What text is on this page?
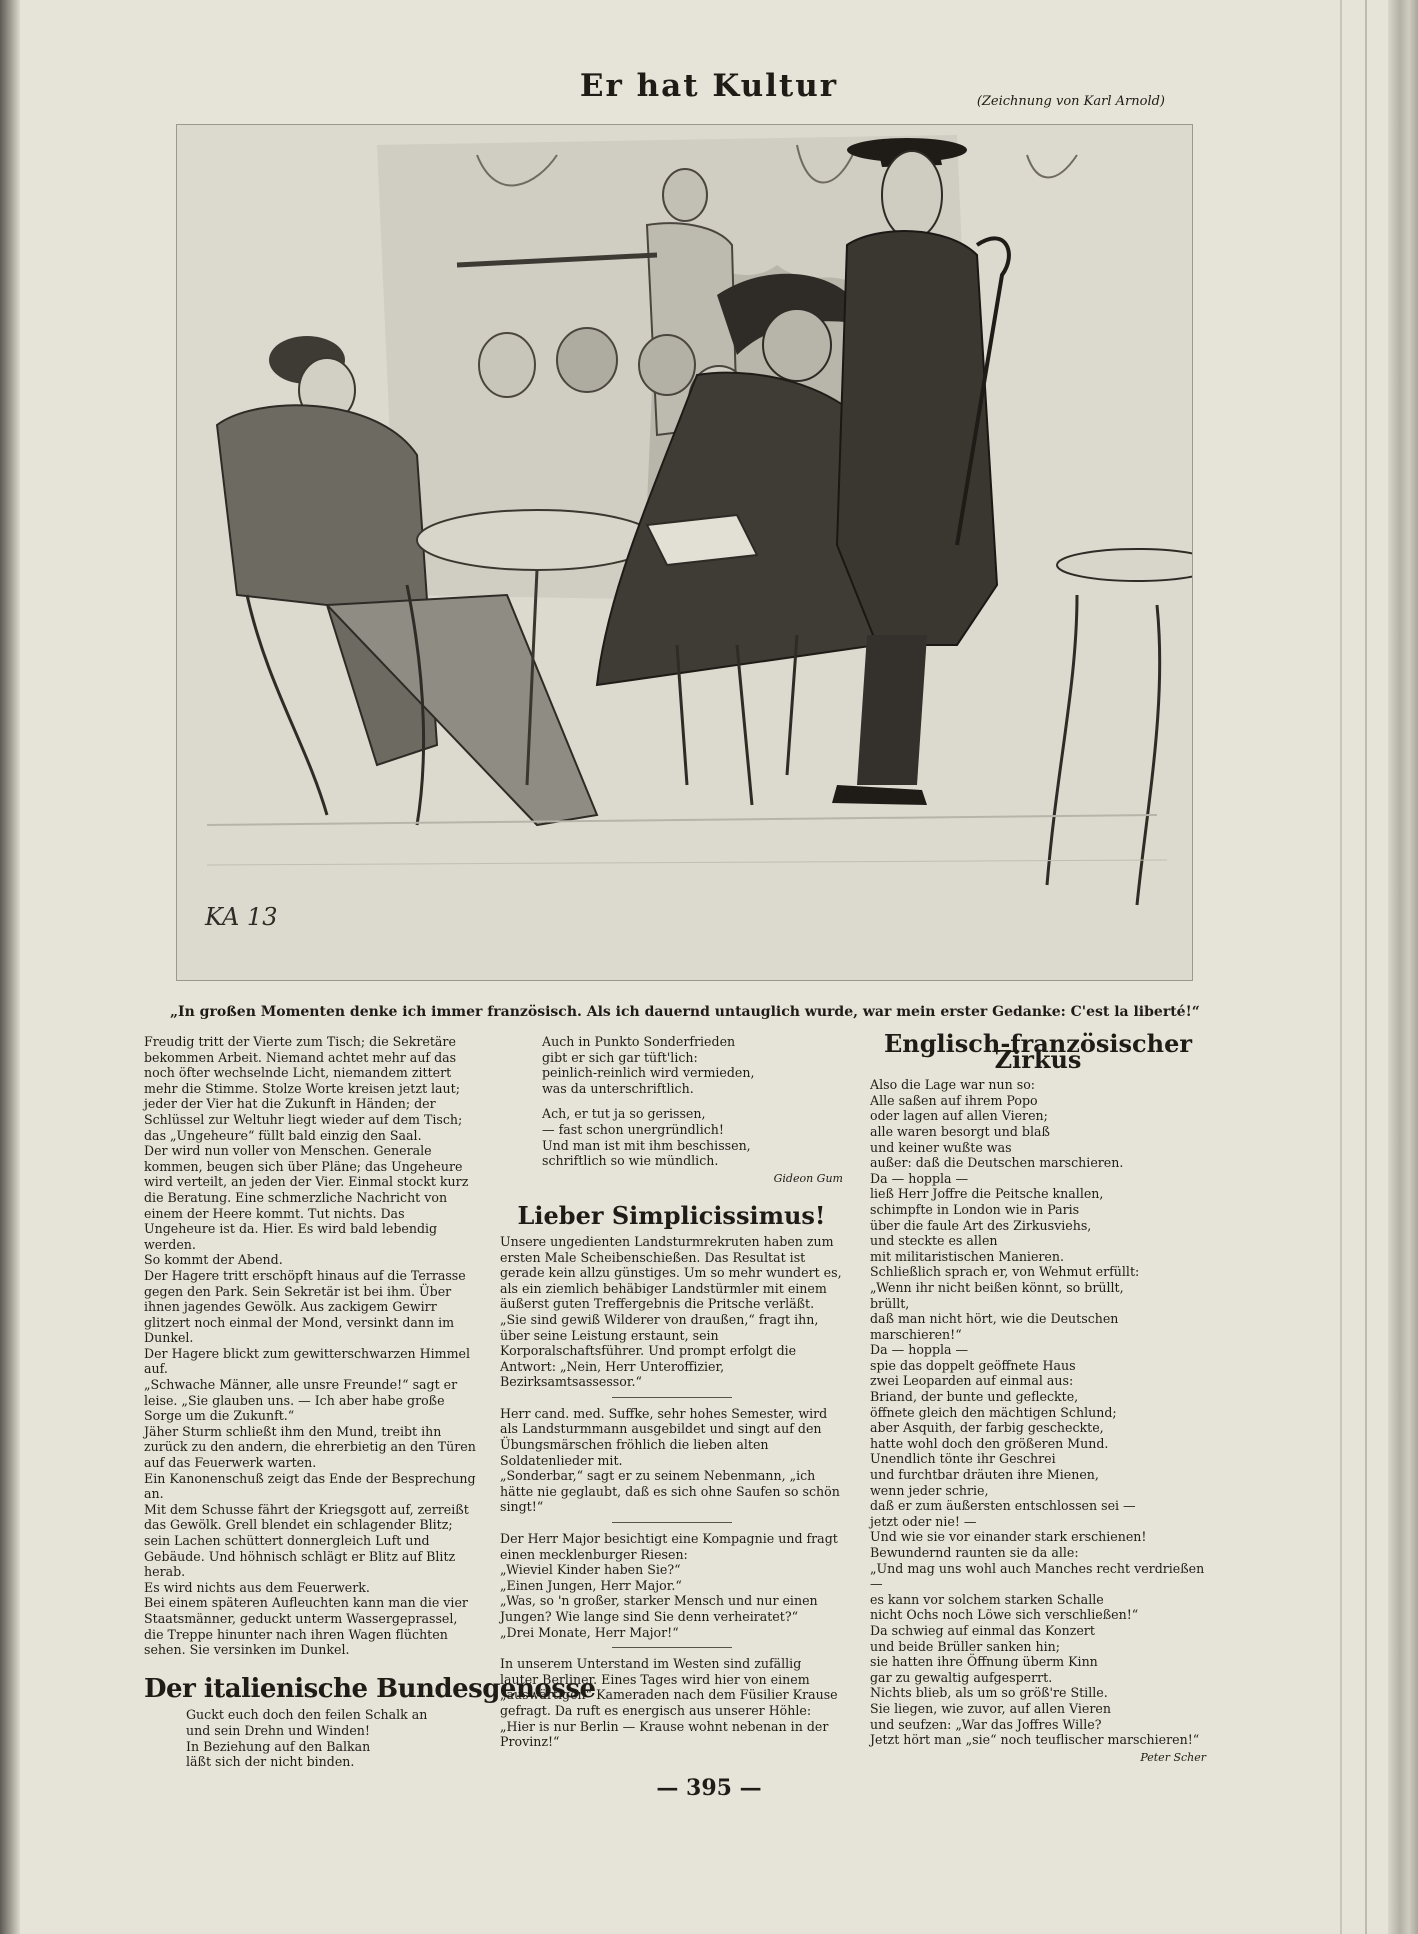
Er hat Kultur	(Zeichnung von Karl Arnold)

KA 13

„In großen Momenten denke ich immer französisch. Als ich dauernd untauglich wurde, war mein erster Gedanke: C'est la liberté!“

Freudig tritt der Vierte zum Tisch; die Sekretäre bekommen Arbeit. Niemand achtet mehr auf das noch öfter wechselnde Licht, niemandem zittert mehr die Stimme. Stolze Worte kreisen jetzt laut; jeder der Vier hat die Zukunft in Händen; der Schlüssel zur Weltuhr liegt wieder auf dem Tisch; das „Ungeheure“ füllt bald einzig den Saal.
Der wird nun voller von Menschen. Generale kommen, beugen sich über Pläne; das Ungeheure wird verteilt, an jeden der Vier. Einmal stockt kurz die Beratung. Eine schmerzliche Nachricht von einem der Heere kommt. Tut nichts. Das Ungeheure ist da. Hier. Es wird bald lebendig werden.
So kommt der Abend.
Der Hagere tritt erschöpft hinaus auf die Terrasse gegen den Park. Sein Sekretär ist bei ihm. Über ihnen jagendes Gewölk. Aus zackigem Gewirr glitzert noch einmal der Mond, versinkt dann im Dunkel.
Der Hagere blickt zum gewitterschwarzen Himmel auf.
„Schwache Männer, alle unsre Freunde!“ sagt er leise. „Sie glauben uns. — Ich aber habe große Sorge um die Zukunft.“
Jäher Sturm schließt ihm den Mund, treibt ihn zurück zu den andern, die ehrerbietig an den Türen auf das Feuerwerk warten.
Ein Kanonenschuß zeigt das Ende der Besprechung an.
Mit dem Schusse fährt der Kriegsgott auf, zerreißt das Gewölk. Grell blendet ein schlagender Blitz; sein Lachen schüttert donnergleich Luft und Gebäude. Und höhnisch schlägt er Blitz auf Blitz herab.
Es wird nichts aus dem Feuerwerk.
Bei einem späteren Aufleuchten kann man die vier Staatsmänner, geduckt unterm Wassergeprassel, die Treppe hinunter nach ihren Wagen flüchten sehen. Sie versinken im Dunkel.

Der italienische Bundesgenosse

Guckt euch doch den feilen Schalk an
und sein Drehn und Winden!
In Beziehung auf den Balkan
läßt sich der nicht binden.

Auch in Punkto Sonderfrieden
gibt er sich gar tüft'lich:
peinlich-reinlich wird vermieden,
was da unterschriftlich.

Ach, er tut ja so gerissen,
— fast schon unergründlich!
Und man ist mit ihm beschissen,
schriftlich so wie mündlich.

Gideon Gum

Lieber Simplicissimus!

Unsere ungedienten Landsturmrekruten haben zum ersten Male Scheibenschießen. Das Resultat ist gerade kein allzu günstiges. Um so mehr wundert es, als ein ziemlich behäbiger Landstürmler mit einem äußerst guten Treffergebnis die Pritsche verläßt. „Sie sind gewiß Wilderer von draußen,“ fragt ihn, über seine Leistung erstaunt, sein Korporalschaftsführer. Und prompt erfolgt die Antwort: „Nein, Herr Unteroffizier, Bezirksamtsassessor.“

Herr cand. med. Suffke, sehr hohes Semester, wird als Landsturmmann ausgebildet und singt auf den Übungsmärschen fröhlich die lieben alten Soldatenlieder mit.
„Sonderbar,“ sagt er zu seinem Nebenmann, „ich hätte nie geglaubt, daß es sich ohne Saufen so schön singt!“

Der Herr Major besichtigt eine Kompagnie und fragt einen mecklenburger Riesen:
„Wieviel Kinder haben Sie?“
„Einen Jungen, Herr Major.“
„Was, so 'n großer, starker Mensch und nur einen Jungen? Wie lange sind Sie denn verheiratet?“
„Drei Monate, Herr Major!“

In unserem Unterstand im Westen sind zufällig lauter Berliner. Eines Tages wird hier von einem „auswärtigen“ Kameraden nach dem Füsilier Krause gefragt. Da ruft es energisch aus unserer Höhle: „Hier is nur Berlin — Krause wohnt nebenan in der Provinz!“

Englisch-französischer Zirkus

Also die Lage war nun so:
Alle saßen auf ihrem Popo
oder lagen auf allen Vieren;
alle waren besorgt und blaß
und keiner wußte was
außer: daß die Deutschen marschieren.
Da — hoppla —
ließ Herr Joffre die Peitsche knallen,
schimpfte in London wie in Paris
über die faule Art des Zirkusviehs,
und steckte es allen
mit militaristischen Manieren.
Schließlich sprach er, von Wehmut erfüllt:
„Wenn ihr nicht beißen könnt, so brüllt,
brüllt,
daß man nicht hört, wie die Deutschen marschieren!“
Da — hoppla —
spie das doppelt geöffnete Haus
zwei Leoparden auf einmal aus:
Briand, der bunte und gefleckte,
öffnete gleich den mächtigen Schlund;
aber Asquith, der farbig gescheckte,
hatte wohl doch den größeren Mund.
Unendlich tönte ihr Geschrei
und furchtbar dräuten ihre Mienen,
wenn jeder schrie,
daß er zum äußersten entschlossen sei —
jetzt oder nie! —
Und wie sie vor einander stark erschienen!
Bewundernd raunten sie da alle:
„Und mag uns wohl auch Manches recht verdrießen —
es kann vor solchem starken Schalle
nicht Ochs noch Löwe sich verschließen!“
Da schwieg auf einmal das Konzert
und beide Brüller sanken hin;
sie hatten ihre Öffnung überm Kinn
gar zu gewaltig aufgesperrt.
Nichts blieb, als um so größ're Stille.
Sie liegen, wie zuvor, auf allen Vieren
und seufzen: „War das Joffres Wille?
Jetzt hört man „sie“ noch teuflischer marschieren!“

Peter Scher

— 395 —
